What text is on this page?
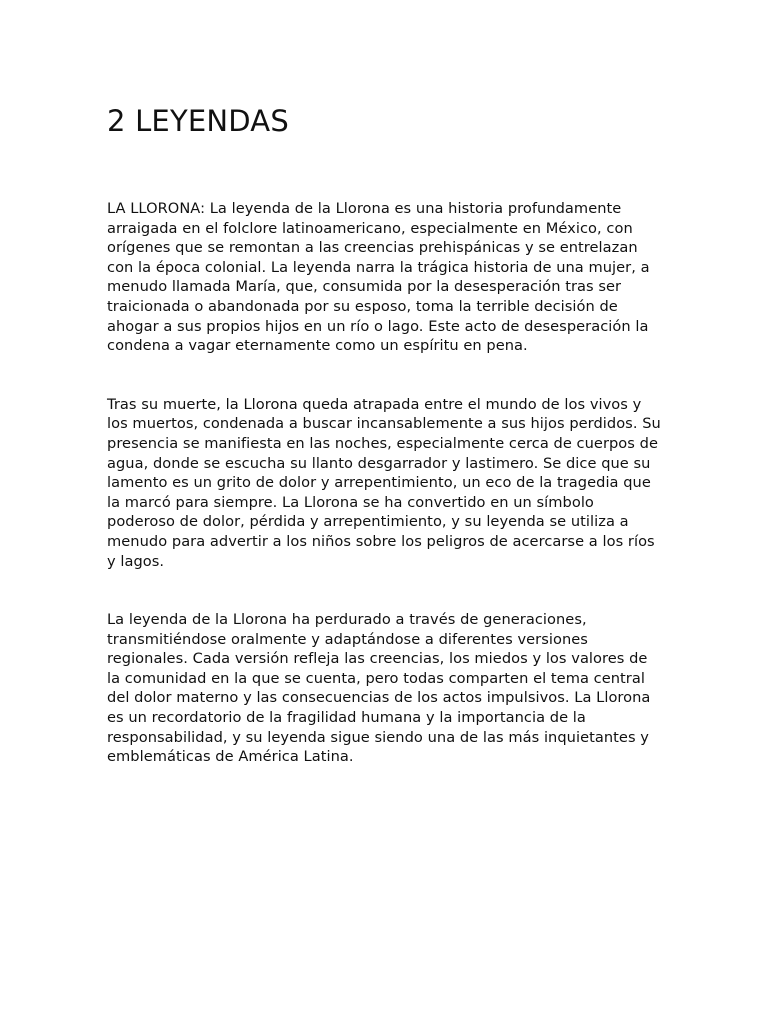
2 LEYENDAS

LA LLORONA: La leyenda de la Llorona es una historia profundamente arraigada en el folclore latinoamericano, especialmente en México, con orígenes que se remontan a las creencias prehispánicas y se entrelazan con la época colonial. La leyenda narra la trágica historia de una mujer, a menudo llamada María, que, consumida por la desesperación tras ser traicionada o abandonada por su esposo, toma la terrible decisión de ahogar a sus propios hijos en un río o lago. Este acto de desesperación la condena a vagar eternamente como un espíritu en pena.

Tras su muerte, la Llorona queda atrapada entre el mundo de los vivos y los muertos, condenada a buscar incansablemente a sus hijos perdidos. Su presencia se manifiesta en las noches, especialmente cerca de cuerpos de agua, donde se escucha su llanto desgarrador y lastimero. Se dice que su lamento es un grito de dolor y arrepentimiento, un eco de la tragedia que la marcó para siempre. La Llorona se ha convertido en un símbolo poderoso de dolor, pérdida y arrepentimiento, y su leyenda se utiliza a menudo para advertir a los niños sobre los peligros de acercarse a los ríos y lagos.

La leyenda de la Llorona ha perdurado a través de generaciones, transmitiéndose oralmente y adaptándose a diferentes versiones regionales. Cada versión refleja las creencias, los miedos y los valores de la comunidad en la que se cuenta, pero todas comparten el tema central del dolor materno y las consecuencias de los actos impulsivos. La Llorona es un recordatorio de la fragilidad humana y la importancia de la responsabilidad, y su leyenda sigue siendo una de las más inquietantes y emblemáticas de América Latina.
